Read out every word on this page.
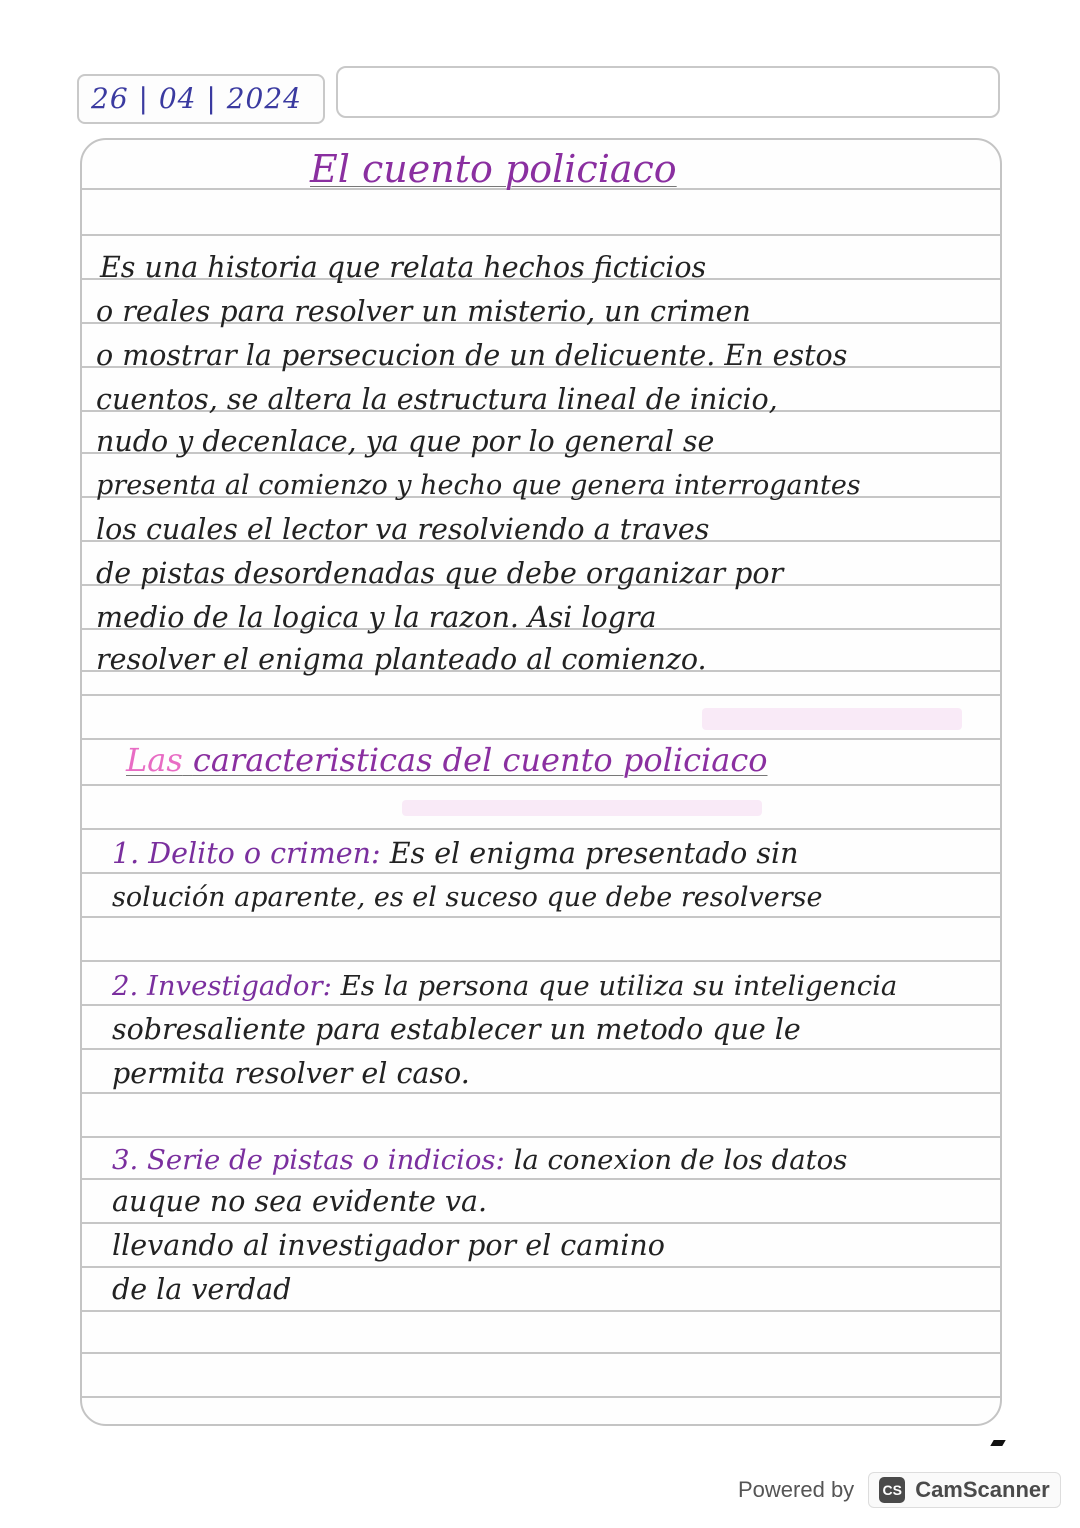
26 | 04 | 2024
El cuento policiaco
Es una historia que relata hechos ficticios
o reales para resolver un misterio, un crimen
o mostrar la persecucion de un delicuente. En estos
cuentos, se altera la estructura lineal de inicio,
nudo y decenlace, ya que por lo general se
presenta al comienzo y hecho que genera interrogantes
los cuales el lector va resolviendo a traves
de pistas desordenadas que debe organizar por
medio de la logica y la razon. Asi logra
resolver el enigma planteado al comienzo.
Las caracteristicas del cuento policiaco
1. Delito o crimen: Es el enigma presentado sin
solución aparente, es el suceso que debe resolverse
2. Investigador: Es la persona que utiliza su inteligencia
sobresaliente para establecer un metodo que le
permita resolver el caso.
3. Serie de pistas o indicios: la conexion de los datos
auque no sea evidente va.
llevando al investigador por el camino
de la verdad
Powered by CS CamScanner
